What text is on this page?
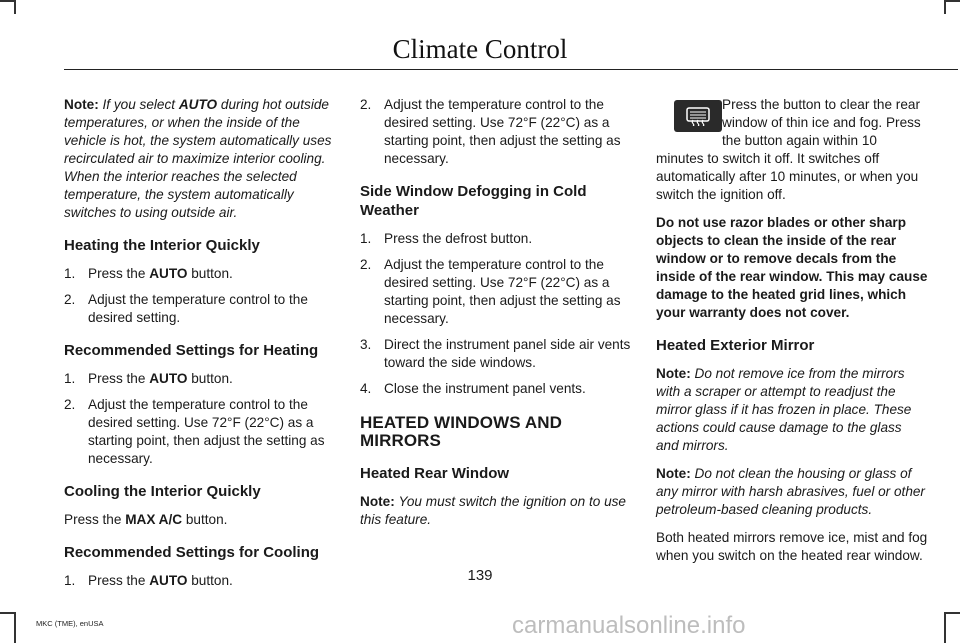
Climate Control

Note: If you select AUTO during hot outside temperatures, or when the inside of the vehicle is hot, the system automatically uses recirculated air to maximize interior cooling. When the interior reaches the selected temperature, the system automatically switches to using outside air.

Heating the Interior Quickly
1. Press the AUTO button.
2. Adjust the temperature control to the desired setting.
Recommended Settings for Heating
1. Press the AUTO button.
2. Adjust the temperature control to the desired setting. Use 72°F (22°C) as a starting point, then adjust the setting as necessary.
Cooling the Interior Quickly

Press the MAX A/C button.

Recommended Settings for Cooling
1. Press the AUTO button.
2. Adjust the temperature control to the desired setting. Use 72°F (22°C) as a starting point, then adjust the setting as necessary.
Side Window Defogging in Cold Weather
1. Press the defrost button.
2. Adjust the temperature control to the desired setting. Use 72°F (22°C) as a starting point, then adjust the setting as necessary.
3. Direct the instrument panel side air vents toward the side windows.
4. Close the instrument panel vents.
HEATED WINDOWS AND MIRRORS
Heated Rear Window

Note: You must switch the ignition on to use this feature.

Press the button to clear the rear window of thin ice and fog. Press the button again within 10 minutes to switch it off. It switches off automatically after 10 minutes, or when you switch the ignition off.

Do not use razor blades or other sharp objects to clean the inside of the rear window or to remove decals from the inside of the rear window. This may cause damage to the heated grid lines, which your warranty does not cover.

Heated Exterior Mirror

Note: Do not remove ice from the mirrors with a scraper or attempt to readjust the mirror glass if it has frozen in place. These actions could cause damage to the glass and mirrors.

Note: Do not clean the housing or glass of any mirror with harsh abrasives, fuel or other petroleum-based cleaning products.

Both heated mirrors remove ice, mist and fog when you switch on the heated rear window.

139
MKC (TME), enUSA	carmanualsonline.info
